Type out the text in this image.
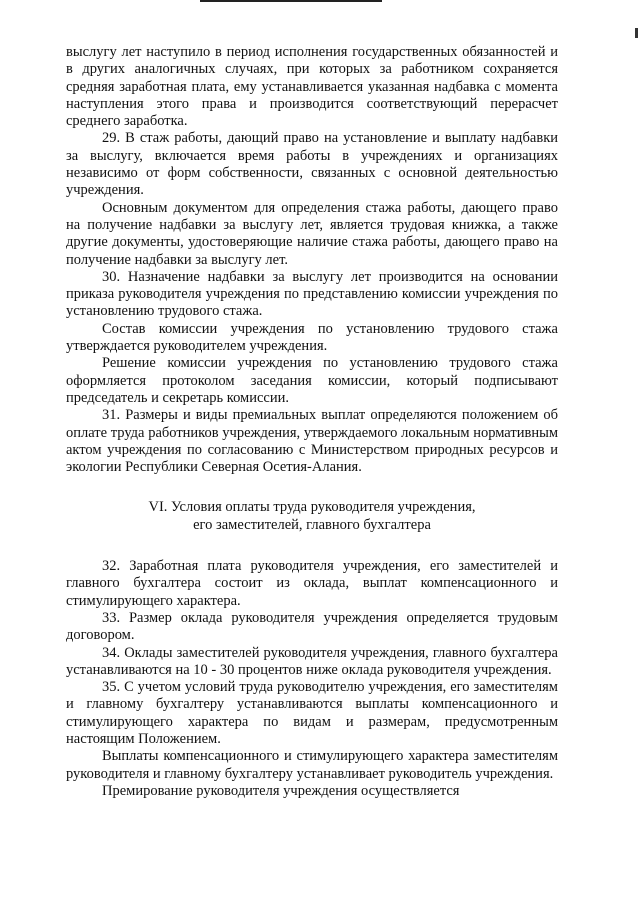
выслугу лет наступило в период исполнения государственных обязанностей и в других аналогичных случаях, при которых за работником сохраняется средняя заработная плата, ему устанавливается указанная надбавка с момента наступления этого права и производится соответствующий перерасчет среднего заработка.

29. В стаж работы, дающий право на установление и выплату надбавки за выслугу, включается время работы в учреждениях и организациях независимо от форм собственности, связанных с основной деятельностью учреждения.

Основным документом для определения стажа работы, дающего право на получение надбавки за выслугу лет, является трудовая книжка, а также другие документы, удостоверяющие наличие стажа работы, дающего право на получение надбавки за выслугу лет.

30. Назначение надбавки за выслугу лет производится на основании приказа руководителя учреждения по представлению комиссии учреждения по установлению трудового стажа.

Состав комиссии учреждения по установлению трудового стажа утверждается руководителем учреждения.

Решение комиссии учреждения по установлению трудового стажа оформляется протоколом заседания комиссии, который подписывают председатель и секретарь комиссии.

31. Размеры и виды премиальных выплат определяются положением об оплате труда работников учреждения, утверждаемого локальным нормативным актом учреждения по согласованию с Министерством природных ресурсов и экологии Республики Северная Осетия-Алания.

VI. Условия оплаты труда руководителя учреждения,
его заместителей, главного бухгалтера

32. Заработная плата руководителя учреждения, его заместителей и главного бухгалтера состоит из оклада, выплат компенсационного и стимулирующего характера.

33. Размер оклада руководителя учреждения определяется трудовым договором.

34. Оклады заместителей руководителя учреждения, главного бухгалтера устанавливаются на 10 - 30 процентов ниже оклада руководителя учреждения.

35. С учетом условий труда руководителю учреждения, его заместителям и главному бухгалтеру устанавливаются выплаты компенсационного и стимулирующего характера по видам и размерам, предусмотренным настоящим Положением.

Выплаты компенсационного и стимулирующего характера заместителям руководителя и главному бухгалтеру устанавливает руководитель учреждения.

Премирование руководителя учреждения осуществляется
